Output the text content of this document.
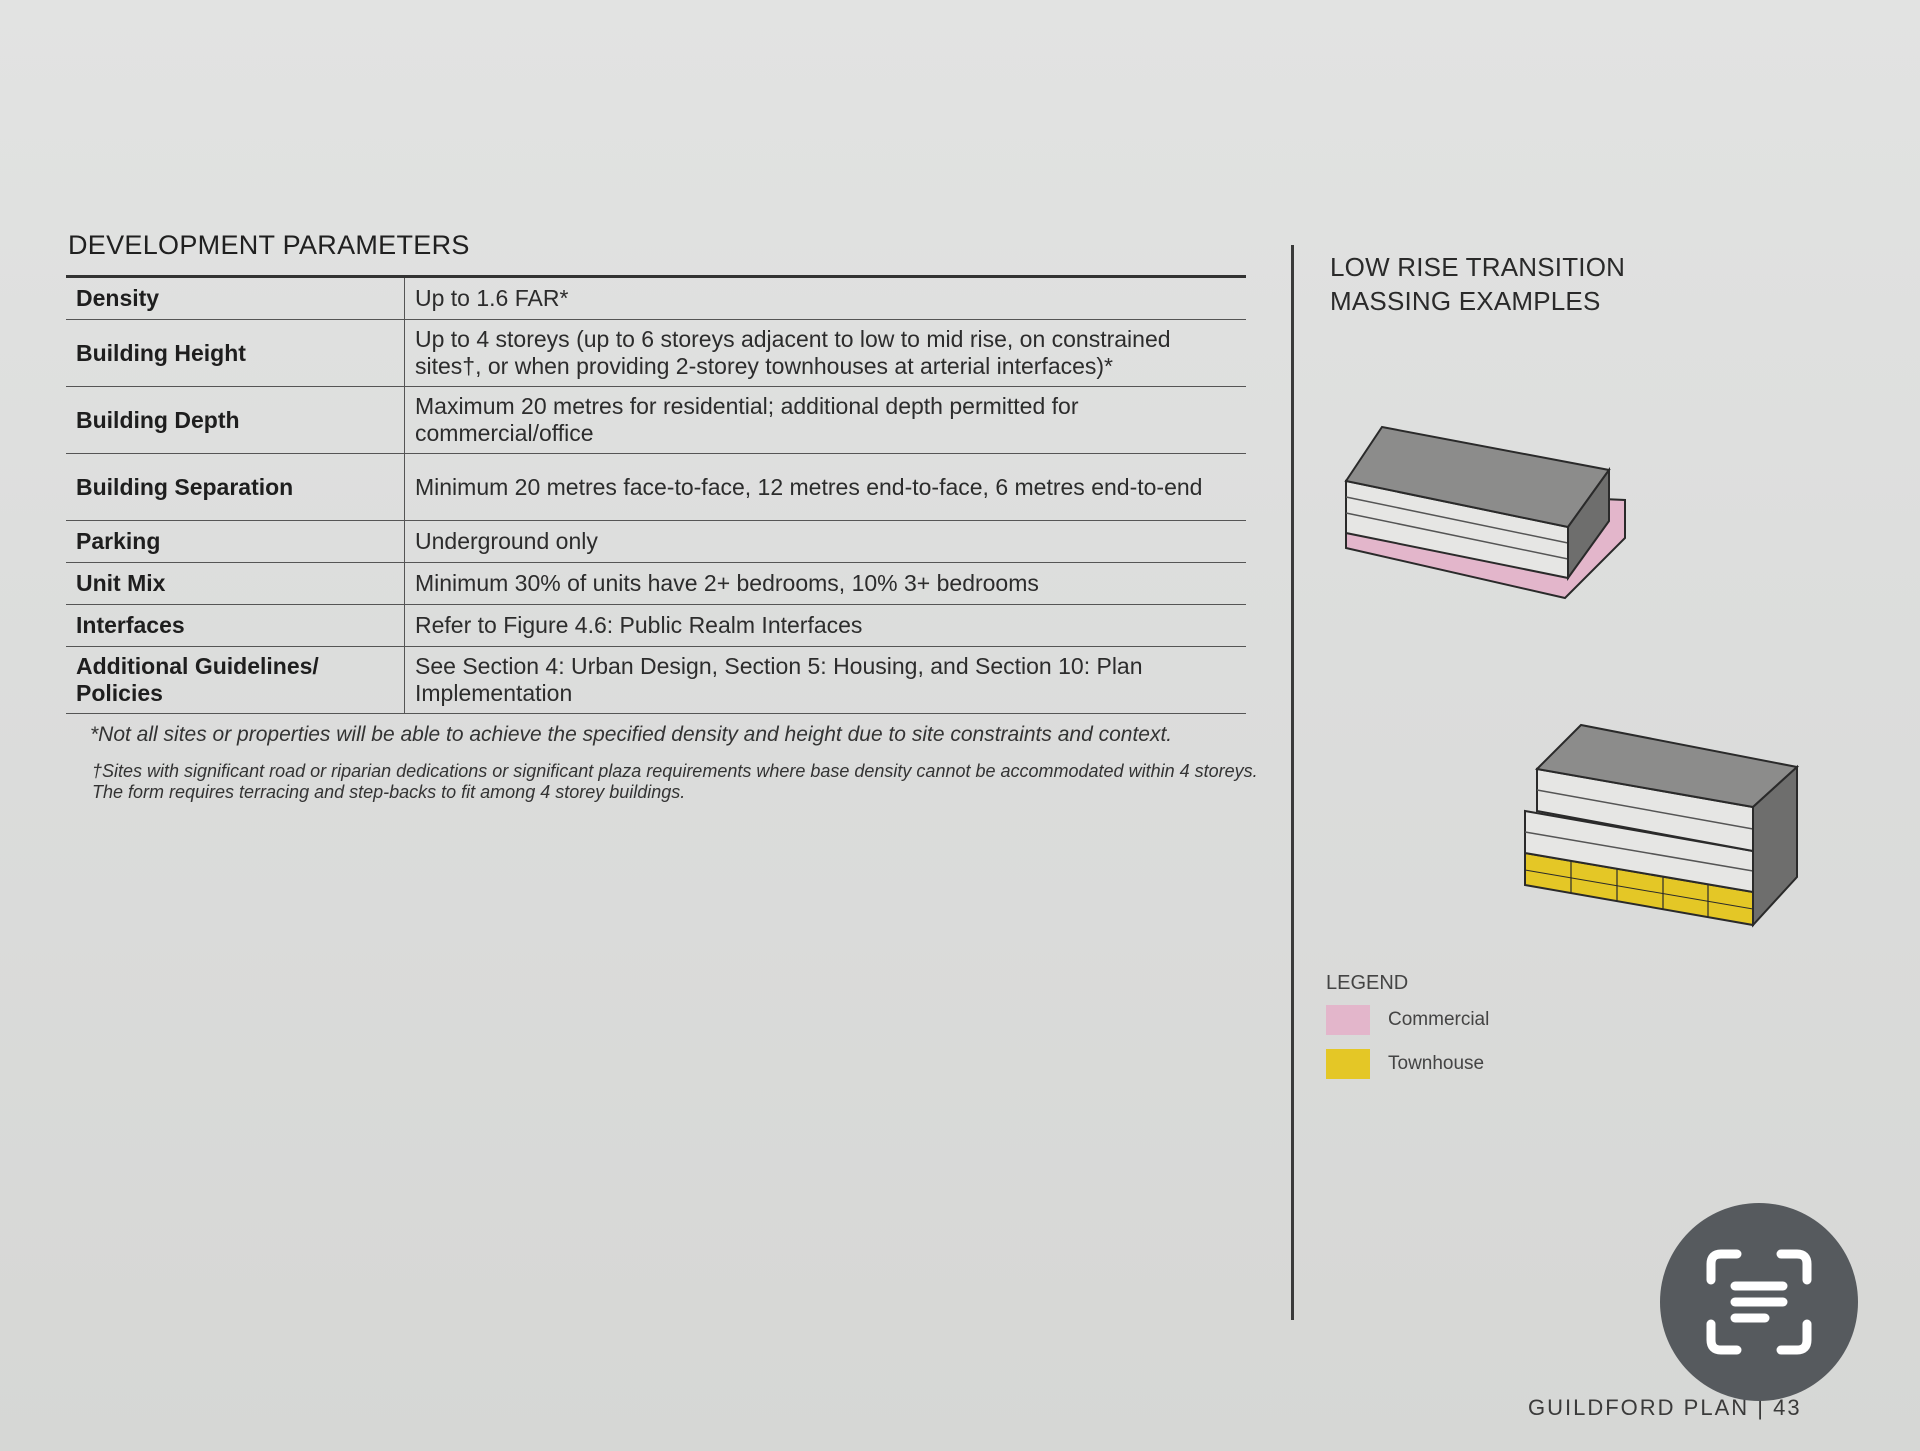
DEVELOPMENT PARAMETERS
Density	Up to 1.6 FAR*
Building Height	Up to 4 storeys (up to 6 storeys adjacent to low to mid rise, on constrained sites†, or when providing 2-storey townhouses at arterial interfaces)*
Building Depth	Maximum 20 metres for residential; additional depth permitted for commercial/office
Building Separation	Minimum 20 metres face-to-face, 12 metres end-to-face, 6 metres end-to-end
Parking	Underground only
Unit Mix	Minimum 30% of units have 2+ bedrooms, 10% 3+ bedrooms
Interfaces	Refer to Figure 4.6: Public Realm Interfaces
Additional Guidelines/ Policies	See Section 4: Urban Design, Section 5: Housing, and Section 10: Plan Implementation
*Not all sites or properties will be able to achieve the specified density and height due to site constraints and context.
†Sites with significant road or riparian dedications or significant plaza requirements where base density cannot be accommodated within 4 storeys. The form requires terracing and step-backs to fit among 4 storey buildings.
LOW RISE TRANSITION MASSING EXAMPLES
LEGEND
Commercial
Townhouse
GUILDFORD PLAN | 43
